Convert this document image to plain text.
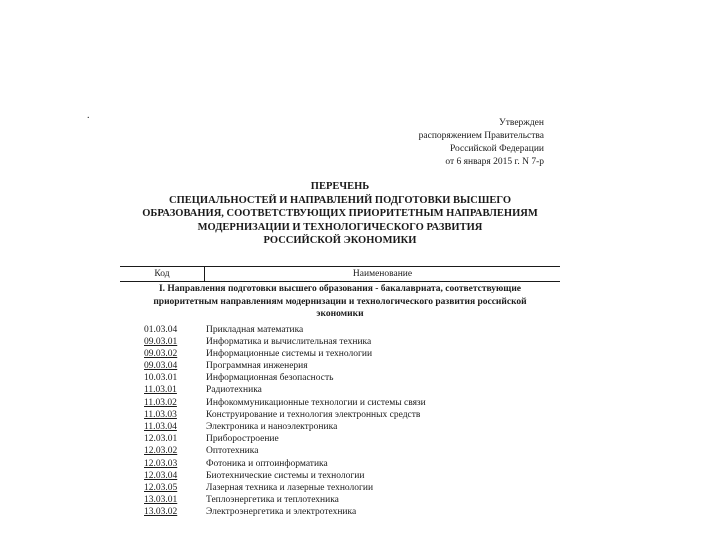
.
Утвержден
распоряжением Правительства
Российской Федерации
от 6 января 2015 г. N 7-р
ПЕРЕЧЕНЬ
СПЕЦИАЛЬНОСТЕЙ И НАПРАВЛЕНИЙ ПОДГОТОВКИ ВЫСШЕГО
ОБРАЗОВАНИЯ, СООТВЕТСТВУЮЩИХ ПРИОРИТЕТНЫМ НАПРАВЛЕНИЯМ
МОДЕРНИЗАЦИИ И ТЕХНОЛОГИЧЕСКОГО РАЗВИТИЯ
РОССИЙСКОЙ ЭКОНОМИКИ
Код	Наименование
I. Направления подготовки высшего образования - бакалавриата, соответствующие
приоритетным направлениям модернизации и технологического развития российской
экономики
01.03.04	Прикладная математика
09.03.01	Информатика и вычислительная техника
09.03.02	Информационные системы и технологии
09.03.04	Программная инженерия
10.03.01	Информационная безопасность
11.03.01	Радиотехника
11.03.02	Инфокоммуникационные технологии и системы связи
11.03.03	Конструирование и технология электронных средств
11.03.04	Электроника и наноэлектроника
12.03.01	Приборостроение
12.03.02	Оптотехника
12.03.03	Фотоника и оптоинформатика
12.03.04	Биотехнические системы и технологии
12.03.05	Лазерная техника и лазерные технологии
13.03.01	Теплоэнергетика и теплотехника
13.03.02	Электроэнергетика и электротехника
